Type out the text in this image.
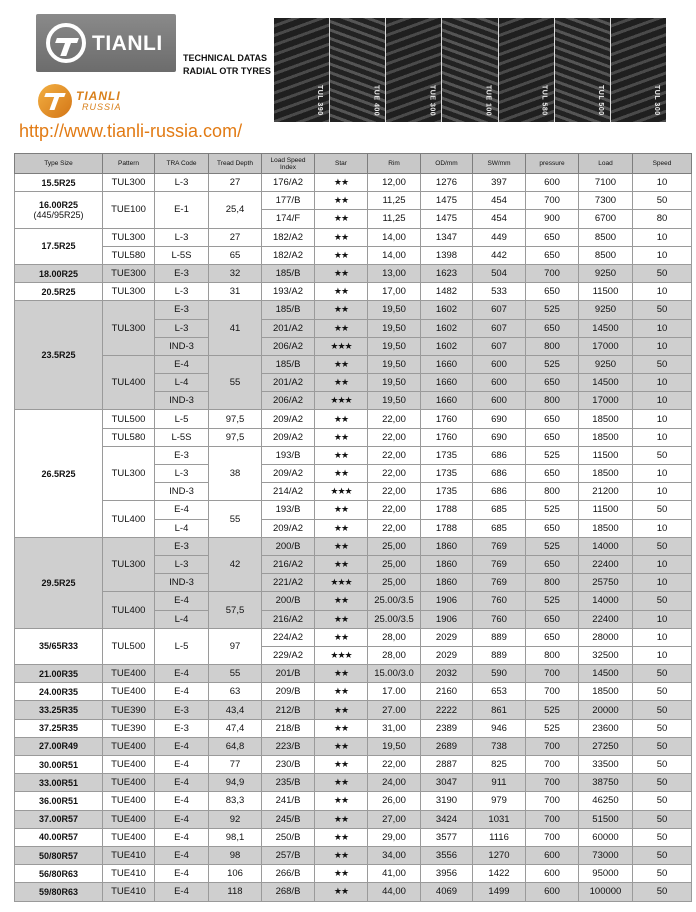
TIANLI
TECHNICAL DATAS
RADIAL OTR TYRES
TIANLI
RUSSIA
http://www.tianli-russia.com/
TUL 390	TUE 400	TUE 300	TUE 100	TUL 580	TUL 500	TUL 300
Type Size	Pattern	TRA Code	Tread Depth	Load Speed Index	Star	Rim	OD/mm	SW/mm	pressure	Load	Speed

15.5R25	TUL300	L-3	27	176/A2	★★	12,00	1276	397	600	7100	10

16.00R25
(445/95R25)	TUE100	E-1	25,4	177/B	★★	11,25	1475	454	700	7300	50
				174/F	★★	11,25	1475	454	900	6700	80

17.5R25	TUL300	L-3	27	182/A2	★★	14,00	1347	449	650	8500	10
	TUL580	L-5S	65	182/A2	★★	14,00	1398	442	650	8500	10

18.00R25	TUE300	E-3	32	185/B	★★	13,00	1623	504	700	9250	50

20.5R25	TUL300	L-3	31	193/A2	★★	17,00	1482	533	650	11500	10

23.5R25	TUL300	E-3	41	185/B	★★	19,50	1602	607	525	9250	50
		L-3		201/A2	★★	19,50	1602	607	650	14500	10
		IND-3		206/A2	★★★	19,50	1602	607	800	17000	10
	TUL400	E-4	55	185/B	★★	19,50	1660	600	525	9250	50
		L-4		201/A2	★★	19,50	1660	600	650	14500	10
		IND-3		206/A2	★★★	19,50	1660	600	800	17000	10

26.5R25	TUL500	L-5	97,5	209/A2	★★	22,00	1760	690	650	18500	10
	TUL580	L-5S	97,5	209/A2	★★	22,00	1760	690	650	18500	10
	TUL300	E-3	38	193/B	★★	22,00	1735	686	525	11500	50
		L-3		209/A2	★★	22,00	1735	686	650	18500	10
		IND-3		214/A2	★★★	22,00	1735	686	800	21200	10
	TUL400	E-4	55	193/B	★★	22,00	1788	685	525	11500	50
		L-4		209/A2	★★	22,00	1788	685	650	18500	10

29.5R25	TUL300	E-3	42	200/B	★★	25,00	1860	769	525	14000	50
		L-3		216/A2	★★	25,00	1860	769	650	22400	10
		IND-3		221/A2	★★★	25,00	1860	769	800	25750	10
	TUL400	E-4	57,5	200/B	★★	25.00/3.5	1906	760	525	14000	50
		L-4		216/A2	★★	25.00/3.5	1906	760	650	22400	10

35/65R33	TUL500	L-5	97	224/A2	★★	28,00	2029	889	650	28000	10
				229/A2	★★★	28,00	2029	889	800	32500	10

21.00R35	TUE400	E-4	55	201/B	★★	15.00/3.0	2032	590	700	14500	50

24.00R35	TUE400	E-4	63	209/B	★★	17.00	2160	653	700	18500	50

33.25R35	TUE390	E-3	43,4	212/B	★★	27.00	2222	861	525	20000	50

37.25R35	TUE390	E-3	47,4	218/B	★★	31,00	2389	946	525	23600	50

27.00R49	TUE400	E-4	64,8	223/B	★★	19,50	2689	738	700	27250	50

30.00R51	TUE400	E-4	77	230/B	★★	22,00	2887	825	700	33500	50

33.00R51	TUE400	E-4	94,9	235/B	★★	24,00	3047	911	700	38750	50

36.00R51	TUE400	E-4	83,3	241/B	★★	26,00	3190	979	700	46250	50

37.00R57	TUE400	E-4	92	245/B	★★	27,00	3424	1031	700	51500	50

40.00R57	TUE400	E-4	98,1	250/B	★★	29,00	3577	1116	700	60000	50

50/80R57	TUE410	E-4	98	257/B	★★	34,00	3556	1270	600	73000	50

56/80R63	TUE410	E-4	106	266/B	★★	41,00	3956	1422	600	95000	50

59/80R63	TUE410	E-4	118	268/B	★★	44,00	4069	1499	600	100000	50
